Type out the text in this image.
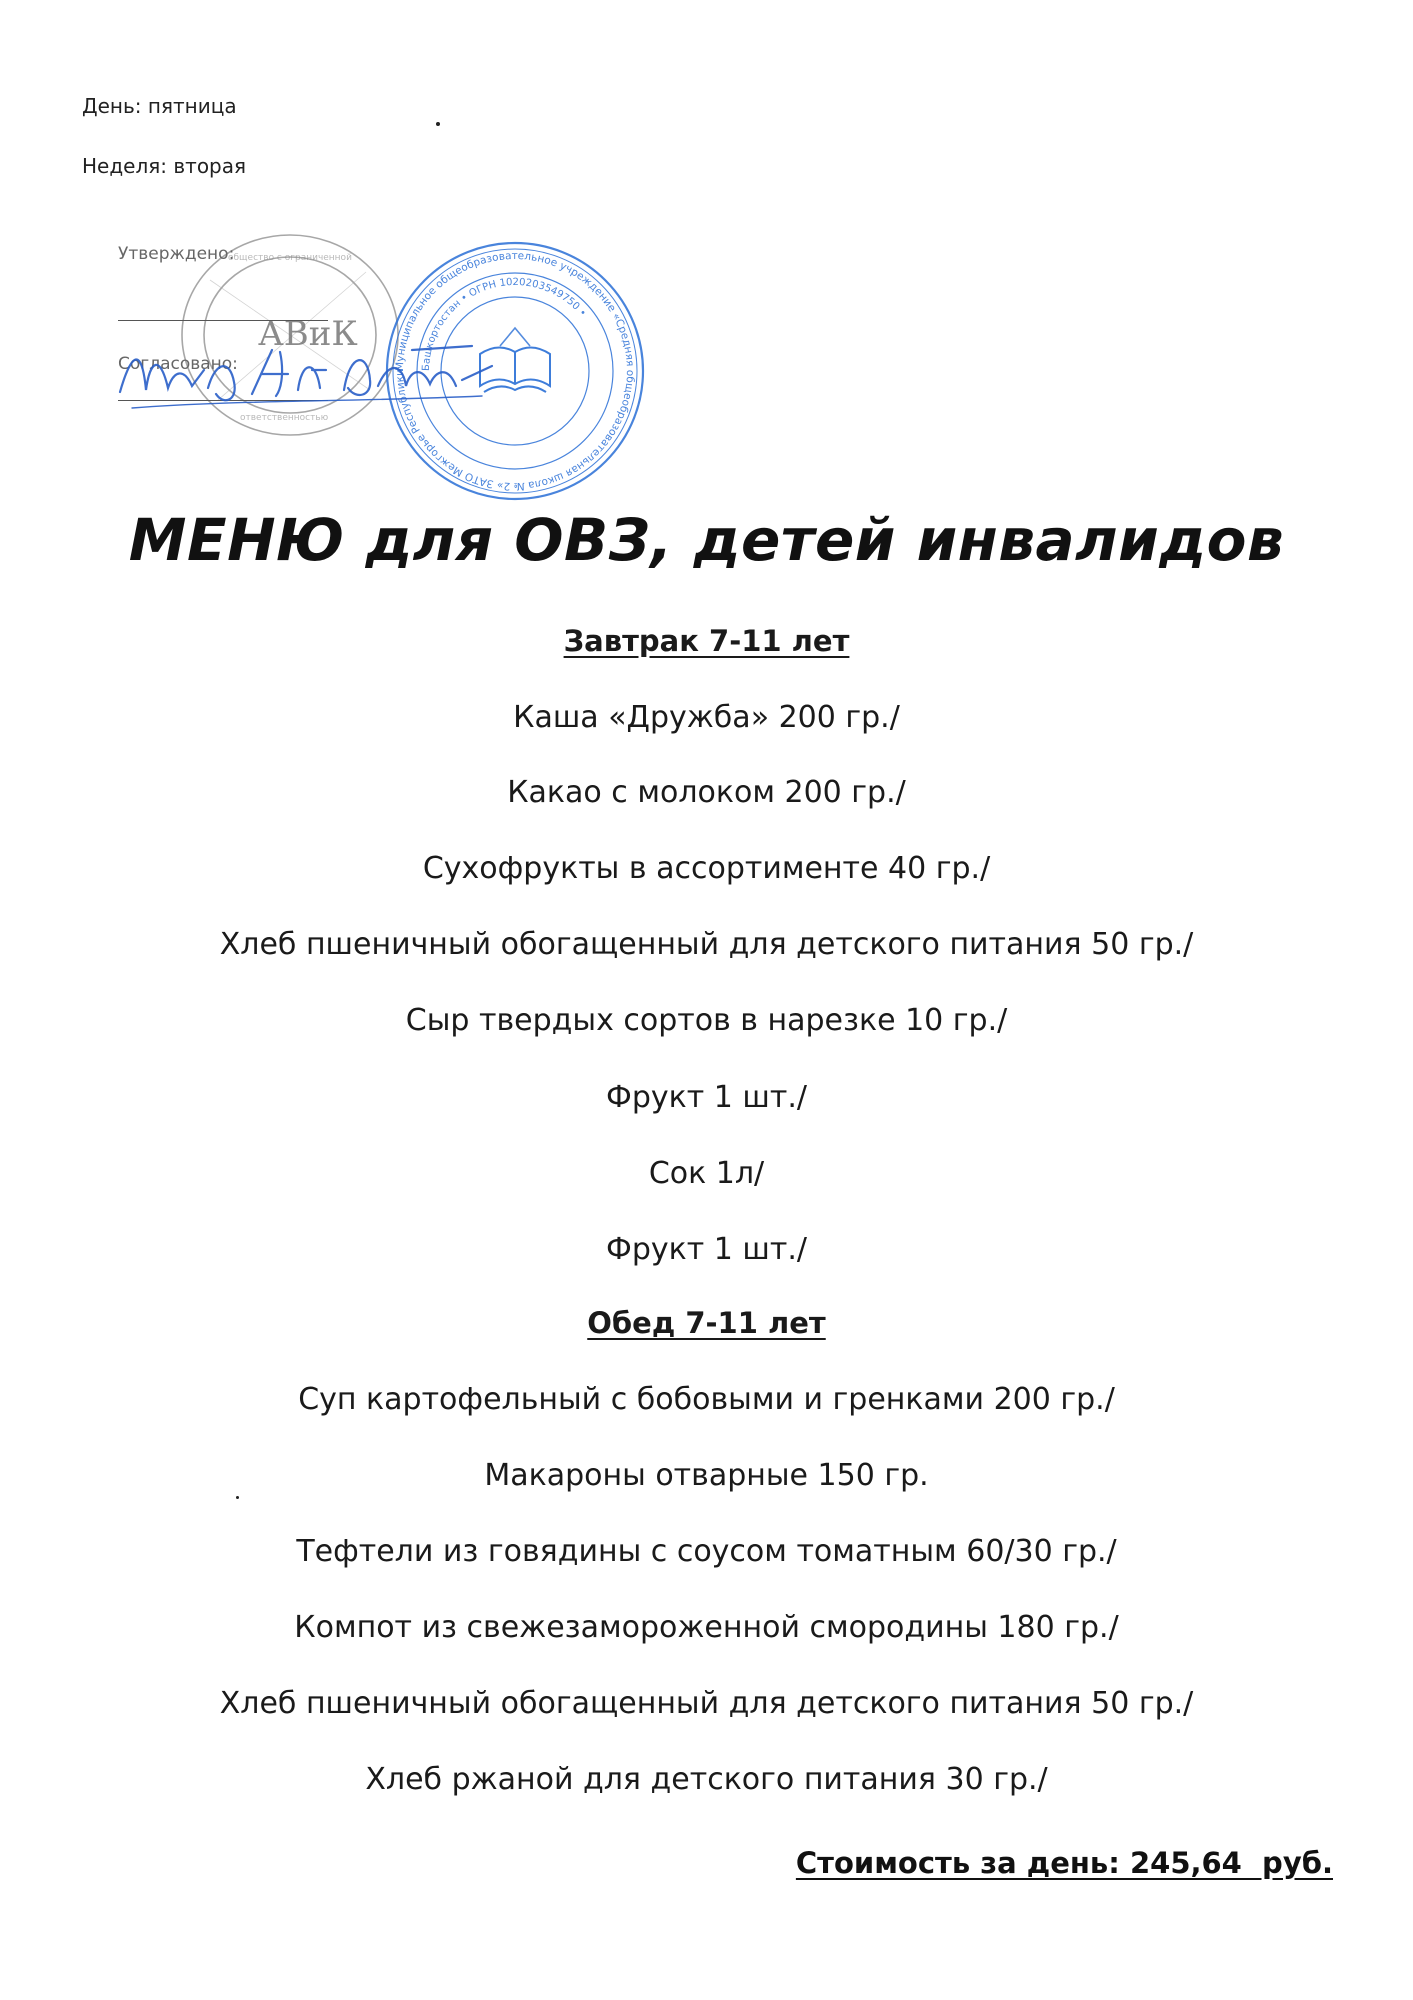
День: пятница
Неделя: вторая
общество с ограниченной
ответственностью
АВиК
Утверждено:
Согласовано:	Муниципальное общеобразовательное учреждение «Средняя общеобразовательная школа № 2» ЗАТО Межгорье Республики
Башкортостан • ОГРН 1020203549750 •
МЕНЮ для ОВЗ, детей инвалидов
Завтрак 7-11 лет
Каша «Дружба» 200 гр./
Какао с молоком 200 гр./
Сухофрукты в ассортименте 40 гр./
Хлеб пшеничный обогащенный для детского питания 50 гр./
Сыр твердых сортов в нарезке 10 гр./
Фрукт 1 шт./
Сок 1л/
Фрукт 1 шт./
Обед 7-11 лет
Суп картофельный с бобовыми и гренками 200 гр./
Макароны отварные 150 гр.
Тефтели из говядины с соусом томатным 60/30 гр./
Компот из свежезамороженной смородины 180 гр./
Хлеб пшеничный обогащенный для детского питания 50 гр./
Хлеб ржаной для детского питания 30 гр./
Стоимость за день: 245,64  руб.
